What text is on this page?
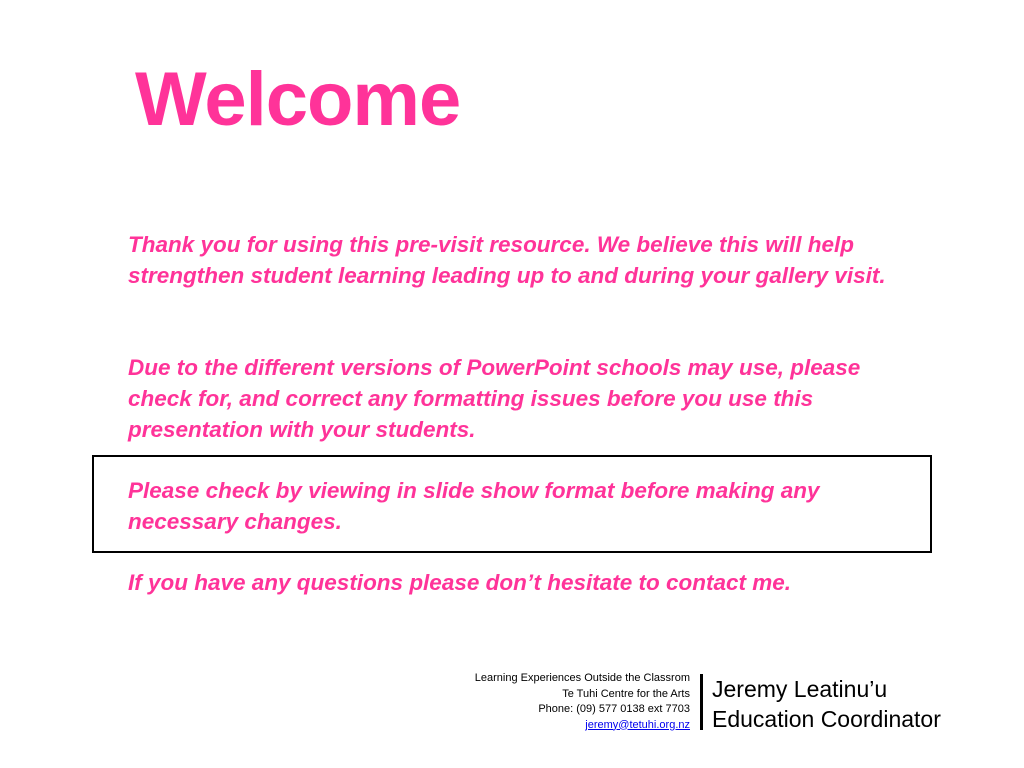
Welcome

Thank you for using this pre-visit resource. We believe this will help strengthen student learning leading up to and during your gallery visit.

Due to the different versions of PowerPoint schools may use, please check for, and correct any formatting issues before you use this presentation with your students.

Please check by viewing in slide show format before making any necessary changes.

If you have any questions please don’t hesitate to contact me.

Learning Experiences Outside the Classrom
Te Tuhi Centre for the Arts
Phone: (09) 577 0138 ext 7703
jeremy@tetuhi.org.nz
Jeremy Leatinu’u
Education Coordinator
